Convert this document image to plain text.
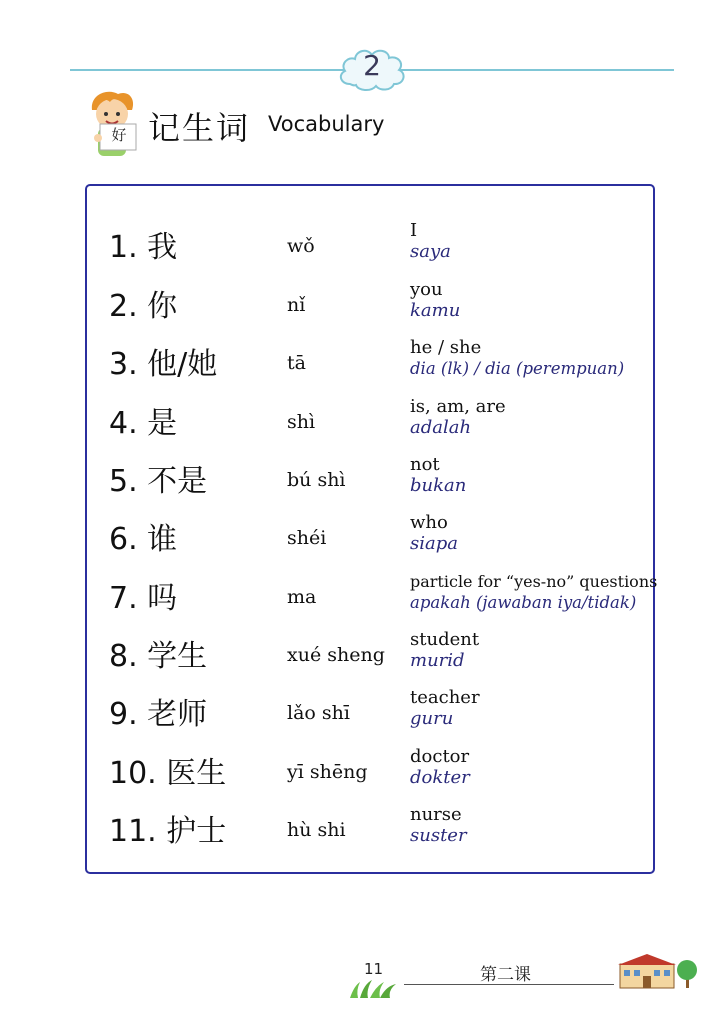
2
好 记生词 Vocabulary
1. 我	wǒ
I
saya
2. 你	nǐ
you
kamu
3. 他/她	tā
he / she
dia (lk) / dia (perempuan)
4. 是	shì
is, am, are
adalah
5. 不是	bú shì
not
bukan
6. 谁	shéi
who
siapa
7. 吗	ma
particle for “yes-no” questions
apakah (jawaban iya/tidak)
8. 学生	xué sheng
student
murid
9. 老师	lǎo shī
teacher
guru
10. 医生	yī shēng
doctor
dokter
11. 护士	hù shi
nurse
suster
11	第二课
